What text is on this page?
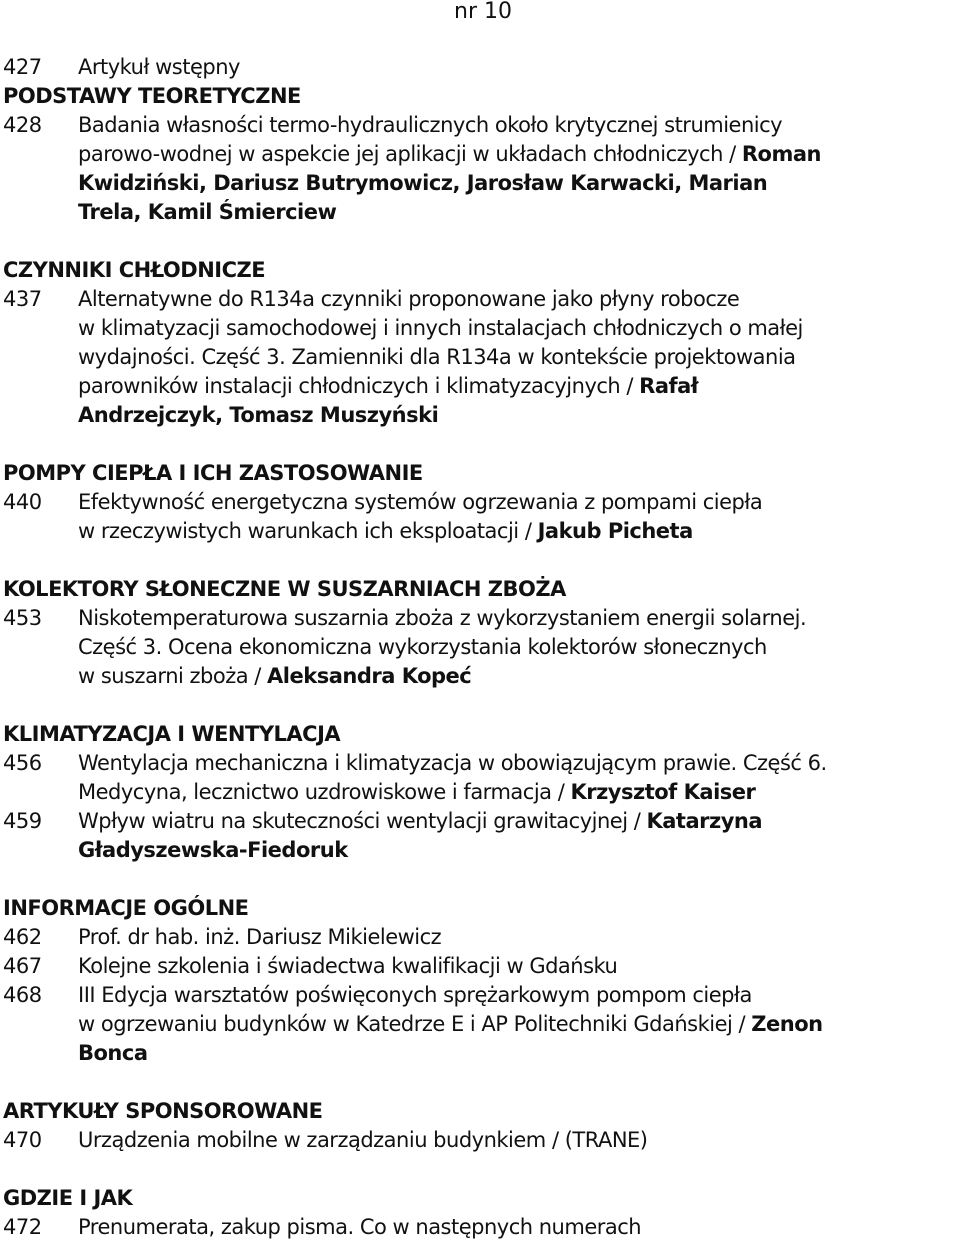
nr 10
427	Artykuł wstępny
PODSTAWY TEORETYCZNE
428	Badania własności termo-hydraulicznych około krytycznej strumienicy
parowo-wodnej w aspekcie jej aplikacji w układach chłodniczych / Roman
Kwidziński, Dariusz Butrymowicz, Jarosław Karwacki, Marian
Trela, Kamil Śmierciew
CZYNNIKI CHŁODNICZE
437	Alternatywne do R134a czynniki proponowane jako płyny robocze
w klimatyzacji samochodowej i innych instalacjach chłodniczych o małej
wydajności. Część 3. Zamienniki dla R134a w kontekście projektowania
parowników instalacji chłodniczych i klimatyzacyjnych / Rafał
Andrzejczyk, Tomasz Muszyński
POMPY CIEPŁA I ICH ZASTOSOWANIE
440	Efektywność energetyczna systemów ogrzewania z pompami ciepła
w rzeczywistych warunkach ich eksploatacji / Jakub Picheta
KOLEKTORY SŁONECZNE W SUSZARNIACH ZBOŻA
453	Niskotemperaturowa suszarnia zboża z wykorzystaniem energii solarnej.
Część 3. Ocena ekonomiczna wykorzystania kolektorów słonecznych
w suszarni zboża / Aleksandra Kopeć
KLIMATYZACJA I WENTYLACJA
456	Wentylacja mechaniczna i klimatyzacja w obowiązującym prawie. Część 6.
Medycyna, lecznictwo uzdrowiskowe i farmacja / Krzysztof Kaiser
459	Wpływ wiatru na skuteczności wentylacji grawitacyjnej / Katarzyna
Gładyszewska-Fiedoruk
INFORMACJE OGÓLNE
462	Prof. dr hab. inż. Dariusz Mikielewicz
467	Kolejne szkolenia i świadectwa kwalifikacji w Gdańsku
468	III Edycja warsztatów poświęconych sprężarkowym pompom ciepła
w ogrzewaniu budynków w Katedrze E i AP Politechniki Gdańskiej / Zenon
Bonca
ARTYKUŁY SPONSOROWANE
470	Urządzenia mobilne w zarządzaniu budynkiem / (TRANE)
GDZIE I JAK
472	Prenumerata, zakup pisma. Co w następnych numerach
